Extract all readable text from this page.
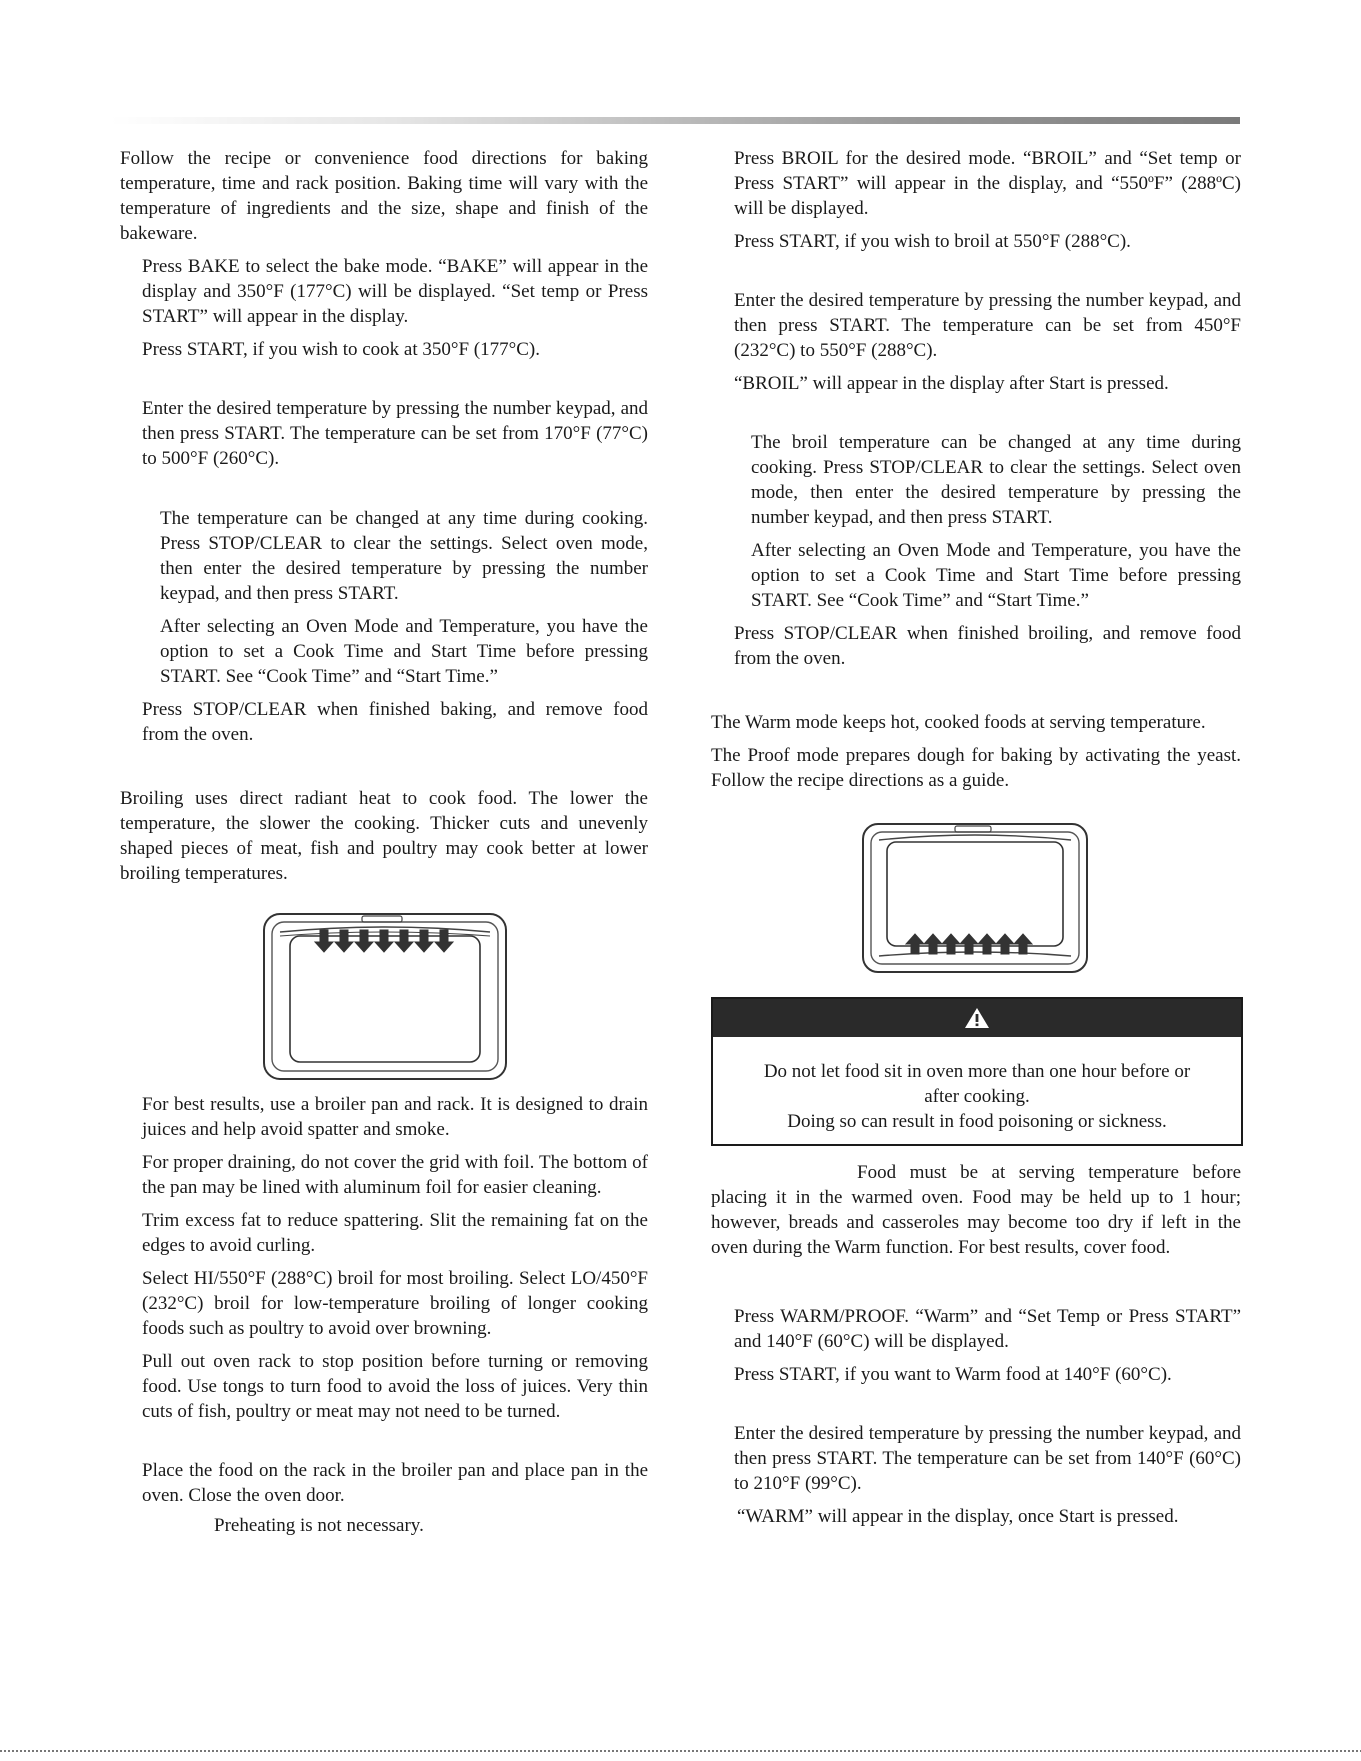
Follow the recipe or convenience food directions for baking temperature, time and rack position. Baking time will vary with the temperature of ingredients and the size, shape and finish of the bakeware.

Press BAKE to select the bake mode. “BAKE” will appear in the display and 350°F (177°C) will be displayed. “Set temp or Press START” will appear in the display.

Press START, if you wish to cook at 350°F (177°C).

Enter the desired temperature by pressing the number keypad, and then press START. The temperature can be set from 170°F (77°C) to 500°F (260°C).

The temperature can be changed at any time during cooking. Press STOP/CLEAR to clear the settings. Select oven mode, then enter the desired temperature by pressing the number keypad, and then press START.

After selecting an Oven Mode and Temperature, you have the option to set a Cook Time and Start Time before pressing START. See “Cook Time” and “Start Time.”

Press STOP/CLEAR when finished baking, and remove food from the oven.

Broiling uses direct radiant heat to cook food. The lower the temperature, the slower the cooking. Thicker cuts and unevenly shaped pieces of meat, fish and poultry may cook better at lower broiling temperatures.

For best results, use a broiler pan and rack. It is designed to drain juices and help avoid spatter and smoke.

For proper draining, do not cover the grid with foil. The bottom of the pan may be lined with aluminum foil for easier cleaning.

Trim excess fat to reduce spattering. Slit the remaining fat on the edges to avoid curling.

Select HI/550°F (288°C) broil for most broiling. Select LO/450°F (232°C) broil for low-temperature broiling of longer cooking foods such as poultry to avoid over browning.

Pull out oven rack to stop position before turning or removing food. Use tongs to turn food to avoid the loss of juices. Very thin cuts of fish, poultry or meat may not need to be turned.

Place the food on the rack in the broiler pan and place pan in the oven. Close the oven door.

Preheating is not necessary.

Press BROIL for the desired mode. “BROIL” and “Set temp or Press START” will appear in the display, and “550ºF” (288ºC) will be displayed.

Press START, if you wish to broil at 550°F (288°C).

Enter the desired temperature by pressing the number keypad, and then press START. The temperature can be set from 450°F (232°C) to 550°F (288°C).

“BROIL” will appear in the display after Start is pressed.

The broil temperature can be changed at any time during cooking. Press STOP/CLEAR to clear the settings. Select oven mode, then enter the desired temperature by pressing the number keypad, and then press START.

After selecting an Oven Mode and Temperature, you have the option to set a Cook Time and Start Time before pressing START. See “Cook Time” and “Start Time.”

Press STOP/CLEAR when finished broiling, and remove food from the oven.

The Warm mode keeps hot, cooked foods at serving temperature.

The Proof mode prepares dough for baking by activating the yeast. Follow the recipe directions as a guide.

Do not let food sit in oven more than one hour before or after cooking.

Doing so can result in food poisoning or sickness.

Food must be at serving temperature before placing it in the warmed oven. Food may be held up to 1 hour; however, breads and casseroles may become too dry if left in the oven during the Warm function. For best results, cover food.

Press WARM/PROOF. “Warm” and “Set Temp or Press START” and 140°F (60°C) will be displayed.

Press START, if you want to Warm food at 140°F (60°C).

Enter the desired temperature by pressing the number keypad, and then press START. The temperature can be set from 140°F (60°C) to 210°F (99°C).

“WARM” will appear in the display, once Start is pressed.
